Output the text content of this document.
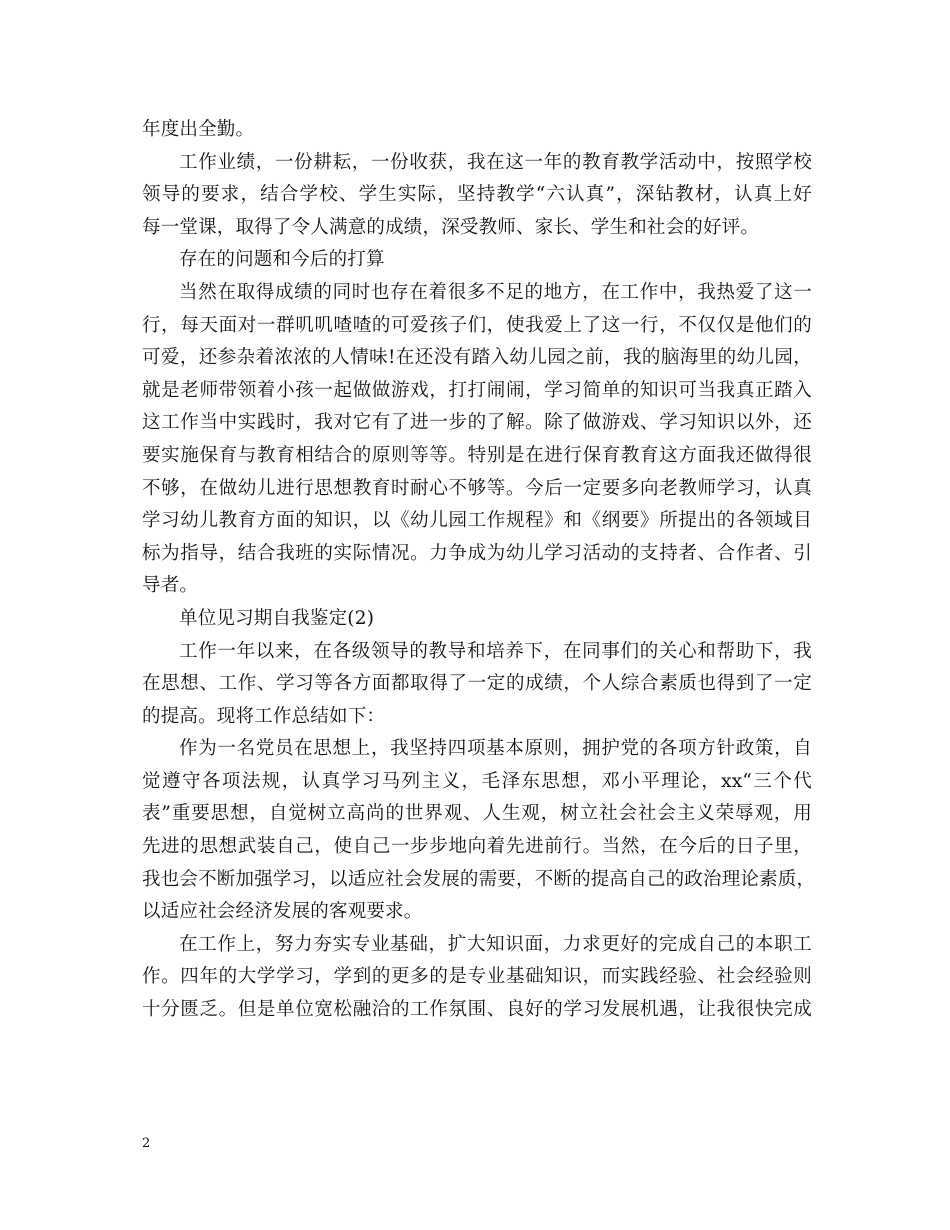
年度出全勤。
工作业绩，一份耕耘，一份收获，我在这一年的教育教学活动中，按照学校
领导的要求，结合学校、学生实际，坚持教学“六认真”，深钻教材，认真上好
每一堂课，取得了令人满意的成绩，深受教师、家长、学生和社会的好评。
存在的问题和今后的打算
当然在取得成绩的同时也存在着很多不足的地方，在工作中，我热爱了这一
行，每天面对一群叽叽喳喳的可爱孩子们，使我爱上了这一行，不仅仅是他们的
可爱，还参杂着浓浓的人情味!在还没有踏入幼儿园之前，我的脑海里的幼儿园，
就是老师带领着小孩一起做做游戏，打打闹闹，学习简单的知识可当我真正踏入
这工作当中实践时，我对它有了进一步的了解。除了做游戏、学习知识以外，还
要实施保育与教育相结合的原则等等。特别是在进行保育教育这方面我还做得很
不够，在做幼儿进行思想教育时耐心不够等。今后一定要多向老教师学习，认真
学习幼儿教育方面的知识，以《幼儿园工作规程》和《纲要》所提出的各领域目
标为指导，结合我班的实际情况。力争成为幼儿学习活动的支持者、合作者、引
导者。
单位见习期自我鉴定(2)
工作一年以来，在各级领导的教导和培养下，在同事们的关心和帮助下，我
在思想、工作、学习等各方面都取得了一定的成绩，个人综合素质也得到了一定
的提高。现将工作总结如下：
作为一名党员在思想上，我坚持四项基本原则，拥护党的各项方针政策，自
觉遵守各项法规，认真学习马列主义，毛泽东思想，邓小平理论，xx“三个代
表”重要思想，自觉树立高尚的世界观、人生观，树立社会社会主义荣辱观，用
先进的思想武装自己，使自己一步步地向着先进前行。当然，在今后的日子里，
我也会不断加强学习，以适应社会发展的需要，不断的提高自己的政治理论素质，
以适应社会经济发展的客观要求。
在工作上，努力夯实专业基础，扩大知识面，力求更好的完成自己的本职工
作。四年的大学学习，学到的更多的是专业基础知识，而实践经验、社会经验则
十分匮乏。但是单位宽松融洽的工作氛围、良好的学习发展机遇，让我很快完成
2
